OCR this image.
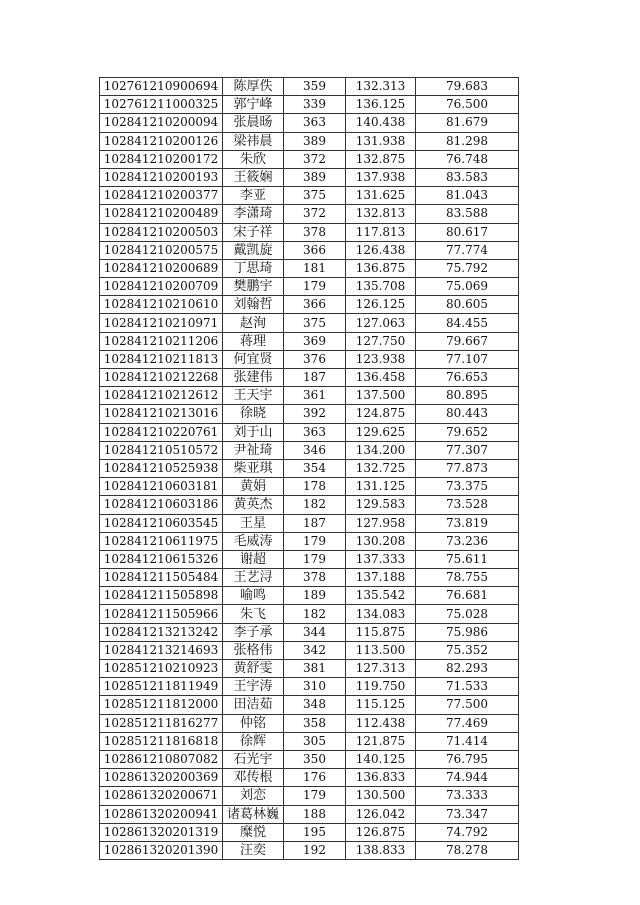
102761210900694	陈厚佚	359	132.313	79.683
102761211000325	郭宁峰	339	136.125	76.500
102841210200094	张晨旸	363	140.438	81.679
102841210200126	梁祎晨	389	131.938	81.298
102841210200172	朱欣	372	132.875	76.748
102841210200193	王筱娴	389	137.938	83.583
102841210200377	李亚	375	131.625	81.043
102841210200489	李潇琦	372	132.813	83.588
102841210200503	宋子祥	378	117.813	80.617
102841210200575	戴凯旋	366	126.438	77.774
102841210200689	丁思琦	181	136.875	75.792
102841210200709	樊鹏宇	179	135.708	75.069
102841210210610	刘翰哲	366	126.125	80.605
102841210210971	赵洵	375	127.063	84.455
102841210211206	蒋理	369	127.750	79.667
102841210211813	何宜贤	376	123.938	77.107
102841210212268	张建伟	187	136.458	76.653
102841210212612	王天宇	361	137.500	80.895
102841210213016	徐晓	392	124.875	80.443
102841210220761	刘于山	363	129.625	79.652
102841210510572	尹祉琦	346	134.200	77.307
102841210525938	柴亚琪	354	132.725	77.873
102841210603181	黄娟	178	131.125	73.375
102841210603186	黄英杰	182	129.583	73.528
102841210603545	王星	187	127.958	73.819
102841210611975	毛威涛	179	130.208	73.236
102841210615326	谢超	179	137.333	75.611
102841211505484	王艺浔	378	137.188	78.755
102841211505898	喻鸣	189	135.542	76.681
102841211505966	朱飞	182	134.083	75.028
102841213213242	李子承	344	115.875	75.986
102841213214693	张格伟	342	113.500	75.352
102851210210923	黄舒雯	381	127.313	82.293
102851211811949	王宇涛	310	119.750	71.533
102851211812000	田洁茹	348	115.125	77.500
102851211816277	仲铭	358	112.438	77.469
102851211816818	徐辉	305	121.875	71.414
102861210807082	石光宇	350	140.125	76.795
102861320200369	邓传根	176	136.833	74.944
102861320200671	刘恋	179	130.500	73.333
102861320200941	诸葛林巍	188	126.042	73.347
102861320201319	糜悦	195	126.875	74.792
102861320201390	汪奕	192	138.833	78.278
